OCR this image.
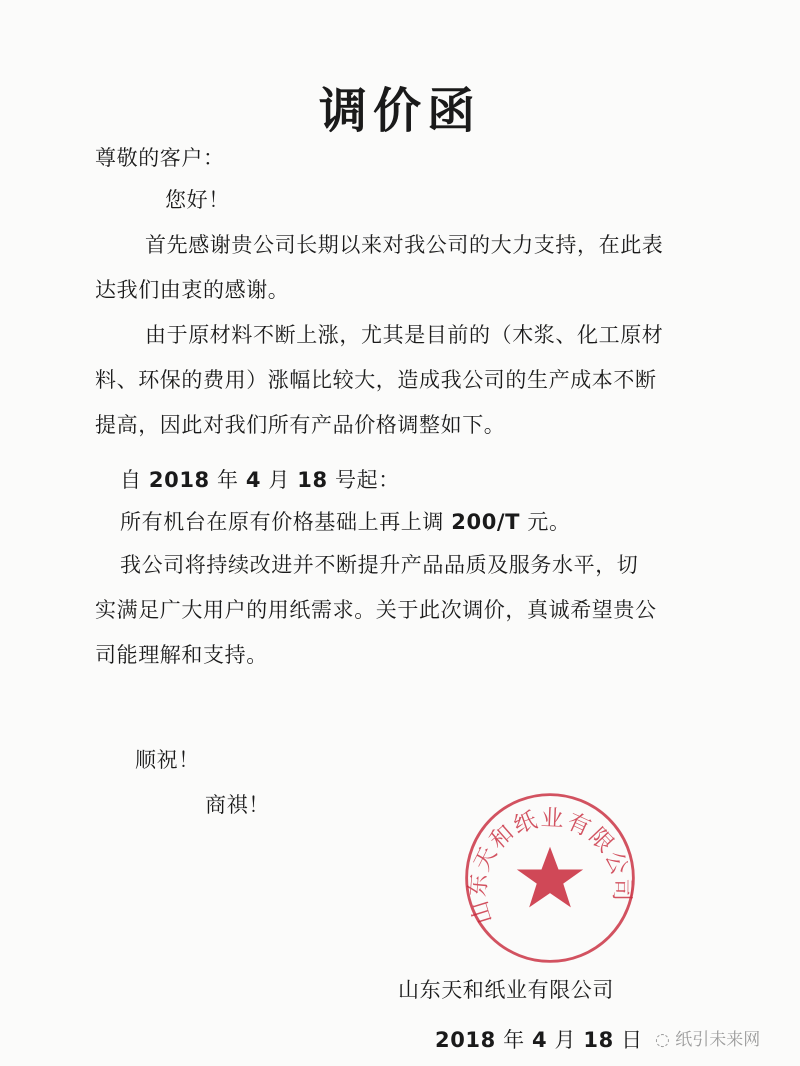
调价函
尊敬的客户：
您好！
首先感谢贵公司长期以来对我公司的大力支持，在此表
达我们由衷的感谢。
由于原材料不断上涨，尤其是目前的（木浆、化工原材
料、环保的费用）涨幅比较大，造成我公司的生产成本不断
提高，因此对我们所有产品价格调整如下。
自 2018 年 4 月 18 号起：
所有机台在原有价格基础上再上调 200/T 元。
我公司将持续改进并不断提升产品品质及服务水平，切
实满足广大用户的用纸需求。关于此次调价，真诚希望贵公
司能理解和支持。
顺祝！
商祺！
山东天和纸业有限公司
山东天和纸业有限公司
2018 年 4 月 18 日 ◌ 纸引未来网
